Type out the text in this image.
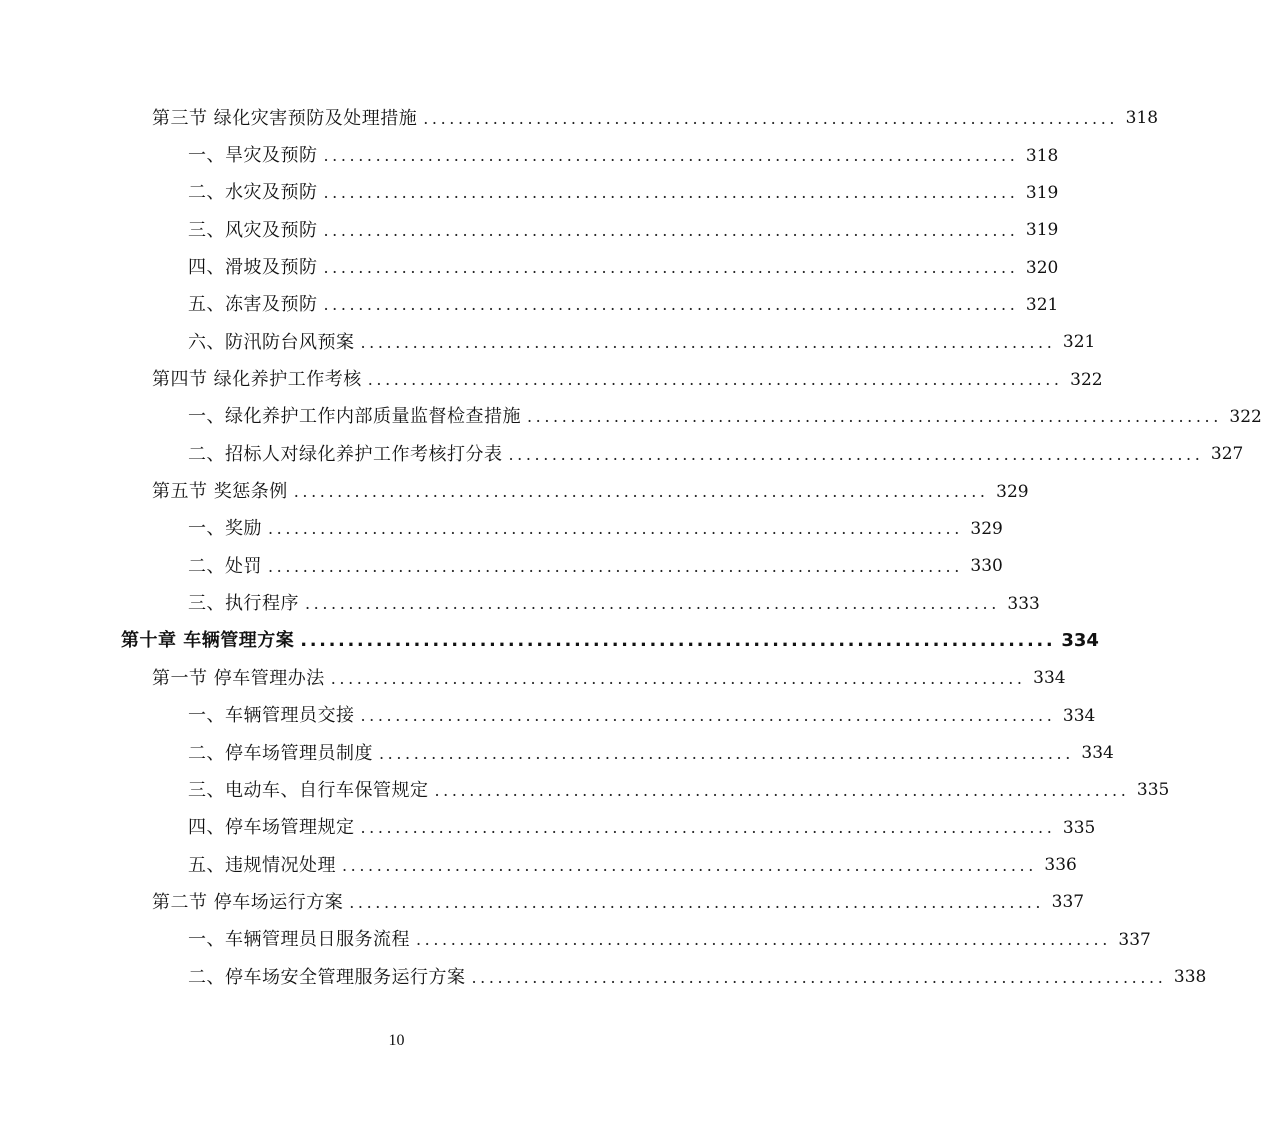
第三节 绿化灾害预防及处理措施 ................................................................................ 318
一、旱灾及预防 ................................................................................ 318
二、水灾及预防 ................................................................................ 319
三、风灾及预防 ................................................................................ 319
四、滑坡及预防 ................................................................................ 320
五、冻害及预防 ................................................................................ 321
六、防汛防台风预案 ................................................................................ 321
第四节 绿化养护工作考核 ................................................................................ 322
一、绿化养护工作内部质量监督检查措施 ................................................................................ 322
二、招标人对绿化养护工作考核打分表 ................................................................................ 327
第五节 奖惩条例 ................................................................................ 329
一、奖励 ................................................................................ 329
二、处罚 ................................................................................ 330
三、执行程序 ................................................................................ 333
第十章 车辆管理方案 ................................................................................ 334
第一节 停车管理办法 ................................................................................ 334
一、车辆管理员交接 ................................................................................ 334
二、停车场管理员制度 ................................................................................ 334
三、电动车、自行车保管规定 ................................................................................ 335
四、停车场管理规定 ................................................................................ 335
五、违规情况处理 ................................................................................ 336
第二节 停车场运行方案 ................................................................................ 337
一、车辆管理员日服务流程 ................................................................................ 337
二、停车场安全管理服务运行方案 ................................................................................ 338
10
